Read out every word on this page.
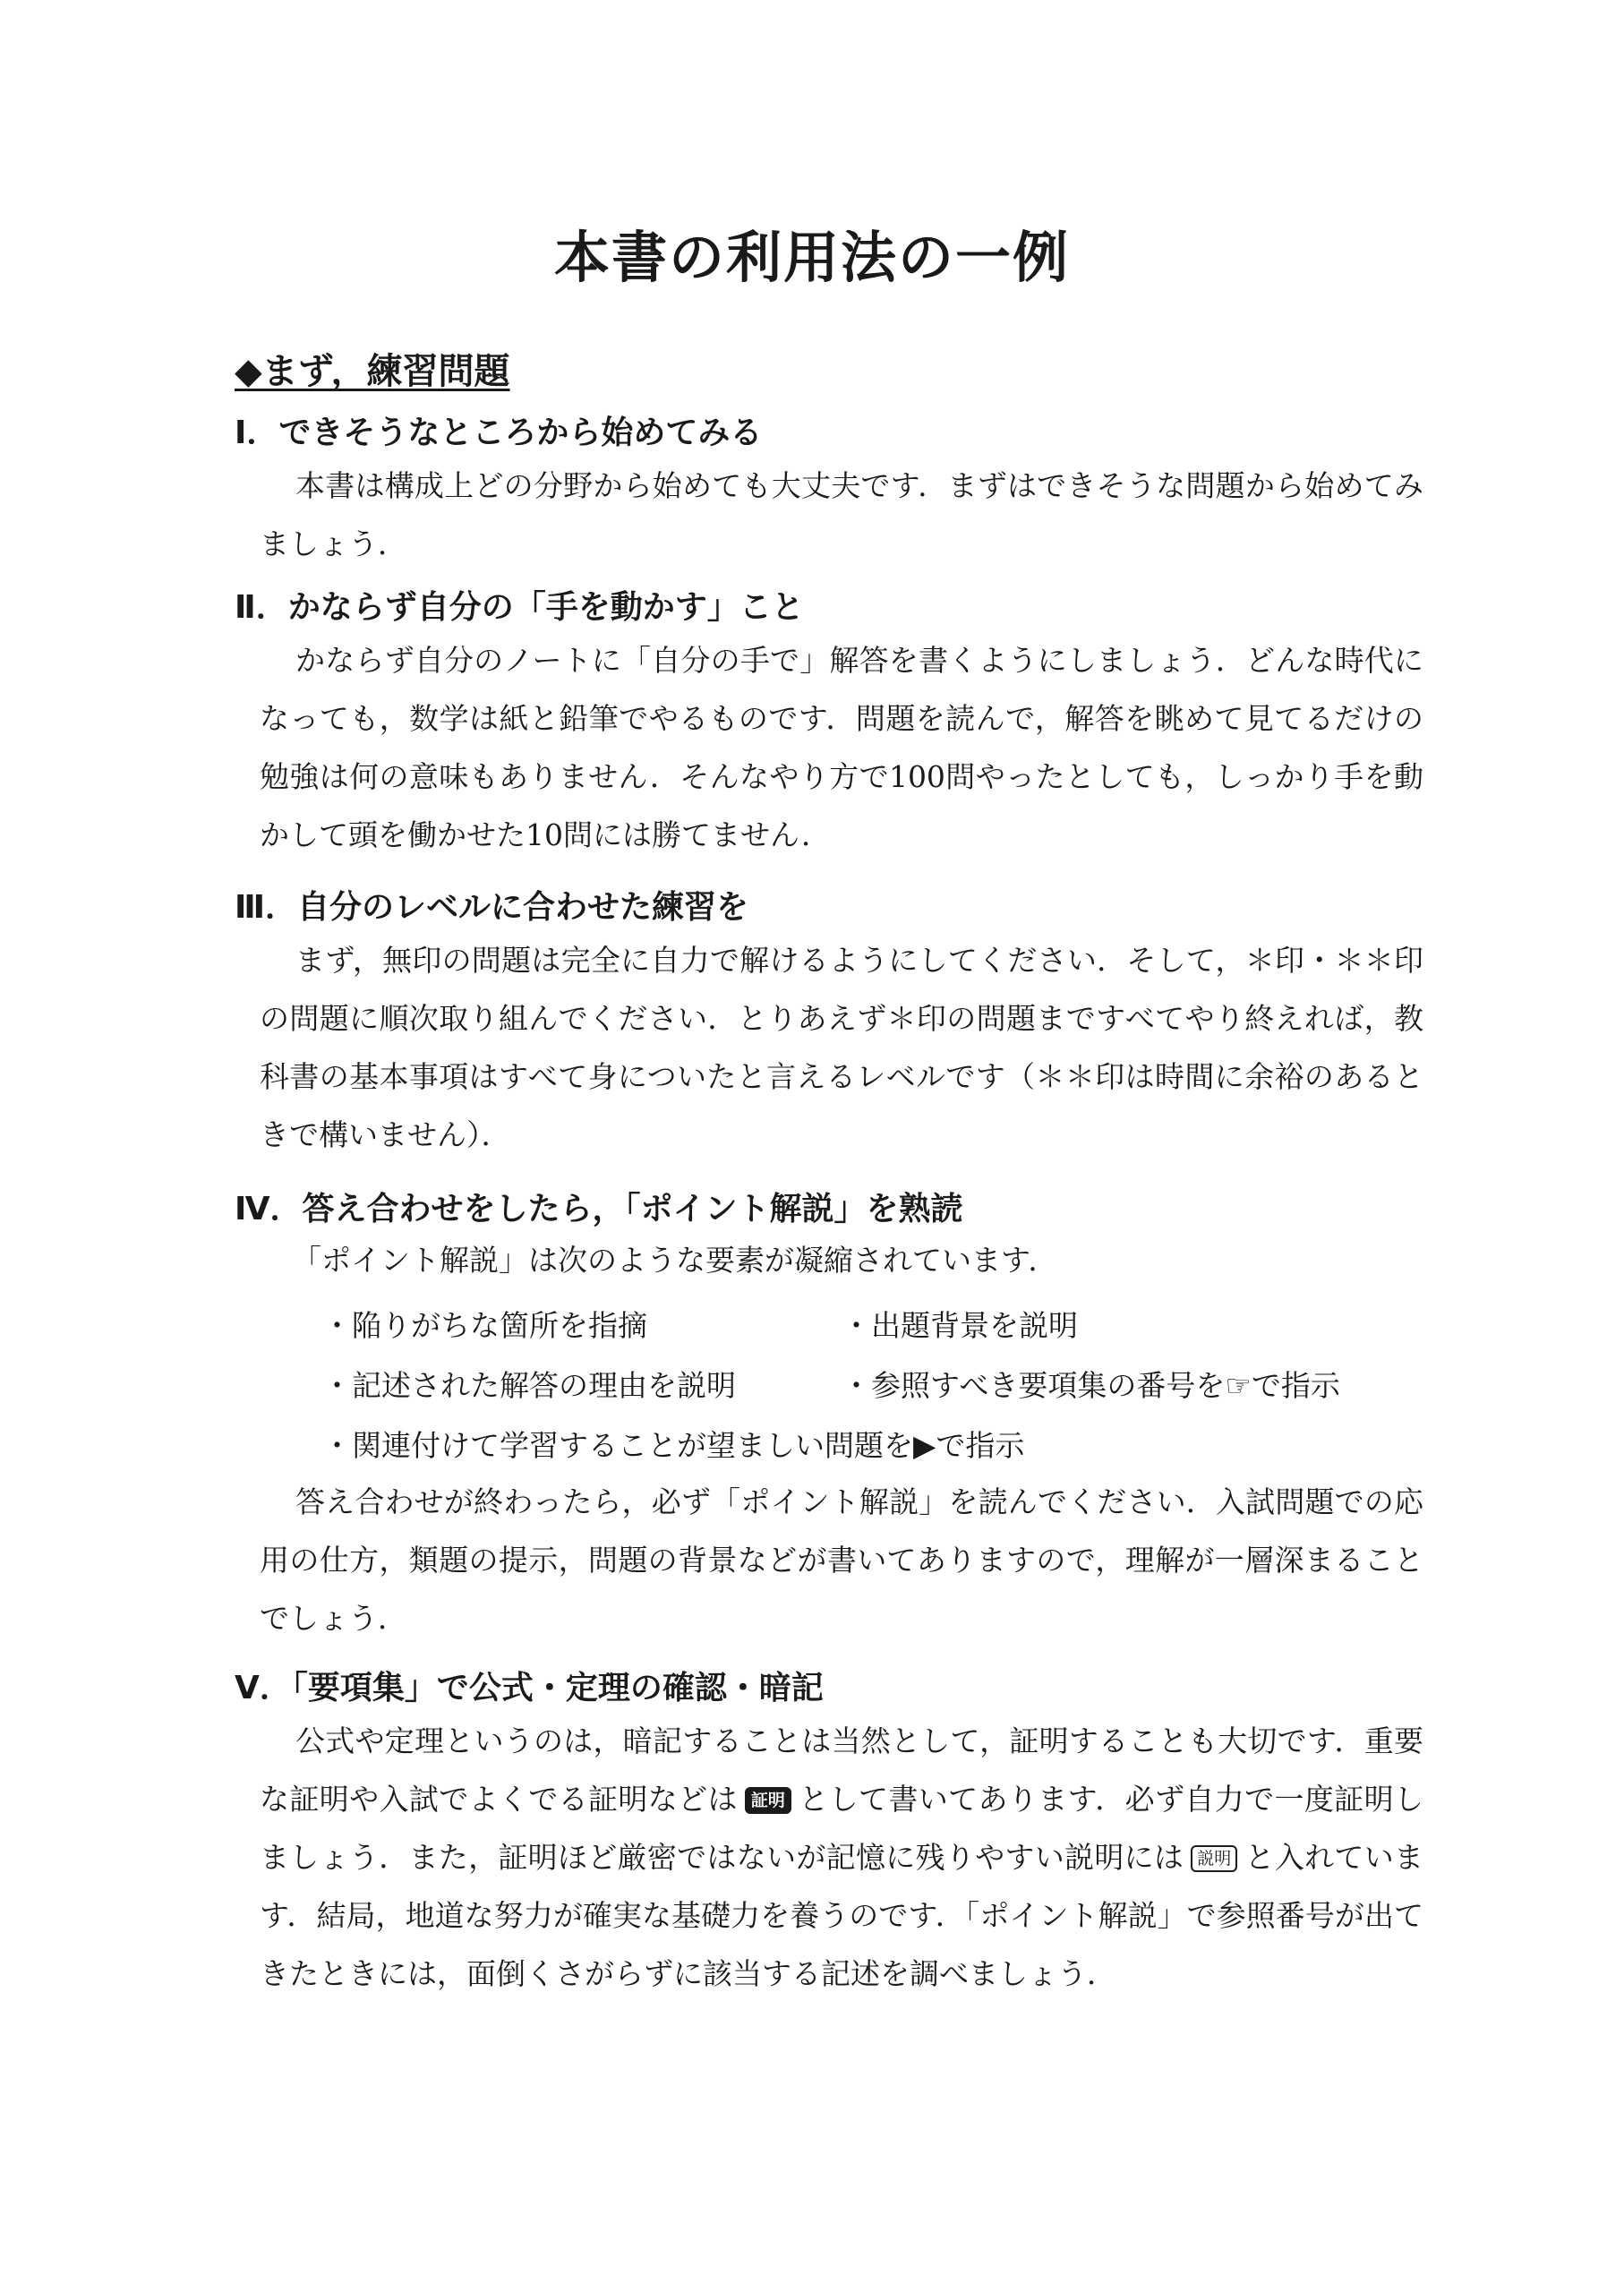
本書の利用法の一例
◆まず，練習問題
Ⅰ．できそうなところから始めてみる

本書は構成上どの分野から始めても大丈夫です．まずはできそうな問題から始めてみましょう．

Ⅱ．かならず自分の「手を動かす」こと

かならず自分のノートに「自分の手で」解答を書くようにしましょう．どんな時代になっても，数学は紙と鉛筆でやるものです．問題を読んで，解答を眺めて見てるだけの勉強は何の意味もありません．そんなやり方で100問やったとしても，しっかり手を動かして頭を働かせた10問には勝てません．

Ⅲ．自分のレベルに合わせた練習を

まず，無印の問題は完全に自力で解けるようにしてください．そして，＊印・＊＊印の問題に順次取り組んでください．とりあえず＊印の問題まですべてやり終えれば，教科書の基本事項はすべて身についたと言えるレベルです（＊＊印は時間に余裕のあるときで構いません）．

Ⅳ．答え合わせをしたら，「ポイント解説」を熟読

「ポイント解説」は次のような要素が凝縮されています．

・陥りがちな箇所を指摘	・出題背景を説明
・記述された解答の理由を説明	・参照すべき要項集の番号を☞で指示
・関連付けて学習することが望ましい問題を▶で指示

答え合わせが終わったら，必ず「ポイント解説」を読んでください．入試問題での応用の仕方，類題の提示，問題の背景などが書いてありますので，理解が一層深まることでしょう．

Ⅴ．「要項集」で公式・定理の確認・暗記

公式や定理というのは，暗記することは当然として，証明することも大切です．重要な証明や入試でよくでる証明などは 証明 として書いてあります．必ず自力で一度証明しましょう．また，証明ほど厳密ではないが記憶に残りやすい説明には 説明 と入れています．結局，地道な努力が確実な基礎力を養うのです．「ポイント解説」で参照番号が出てきたときには，面倒くさがらずに該当する記述を調べましょう．
